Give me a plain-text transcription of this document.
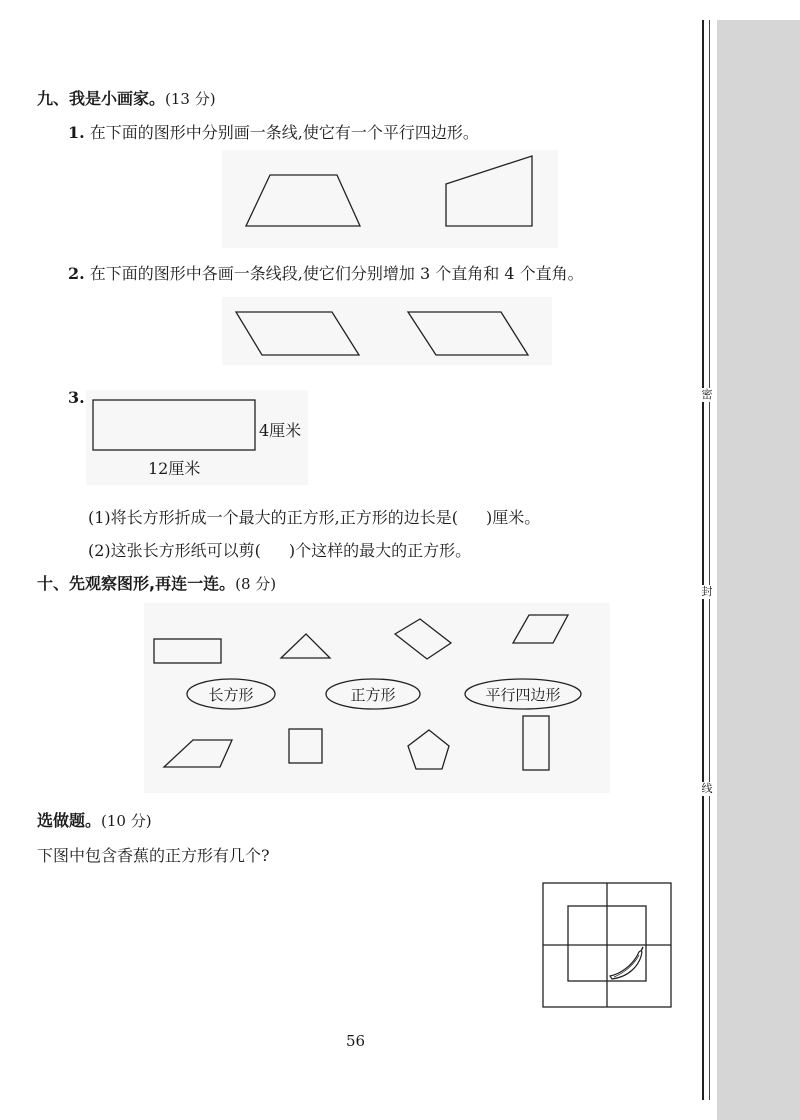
密
封
线
九、我是小画家。(13 分)
1. 在下面的图形中分别画一条线,使它有一个平行四边形。
2. 在下面的图形中各画一条线段,使它们分别增加 3 个直角和 4 个直角。
3.
4厘米
12厘米
(1)将长方形折成一个最大的正方形,正方形的边长是( )厘米。
(2)这张长方形纸可以剪( )个这样的最大的正方形。
十、先观察图形,再连一连。(8 分)
长方形	正方形	平行四边形
选做题。(10 分)
下图中包含香蕉的正方形有几个?
56
